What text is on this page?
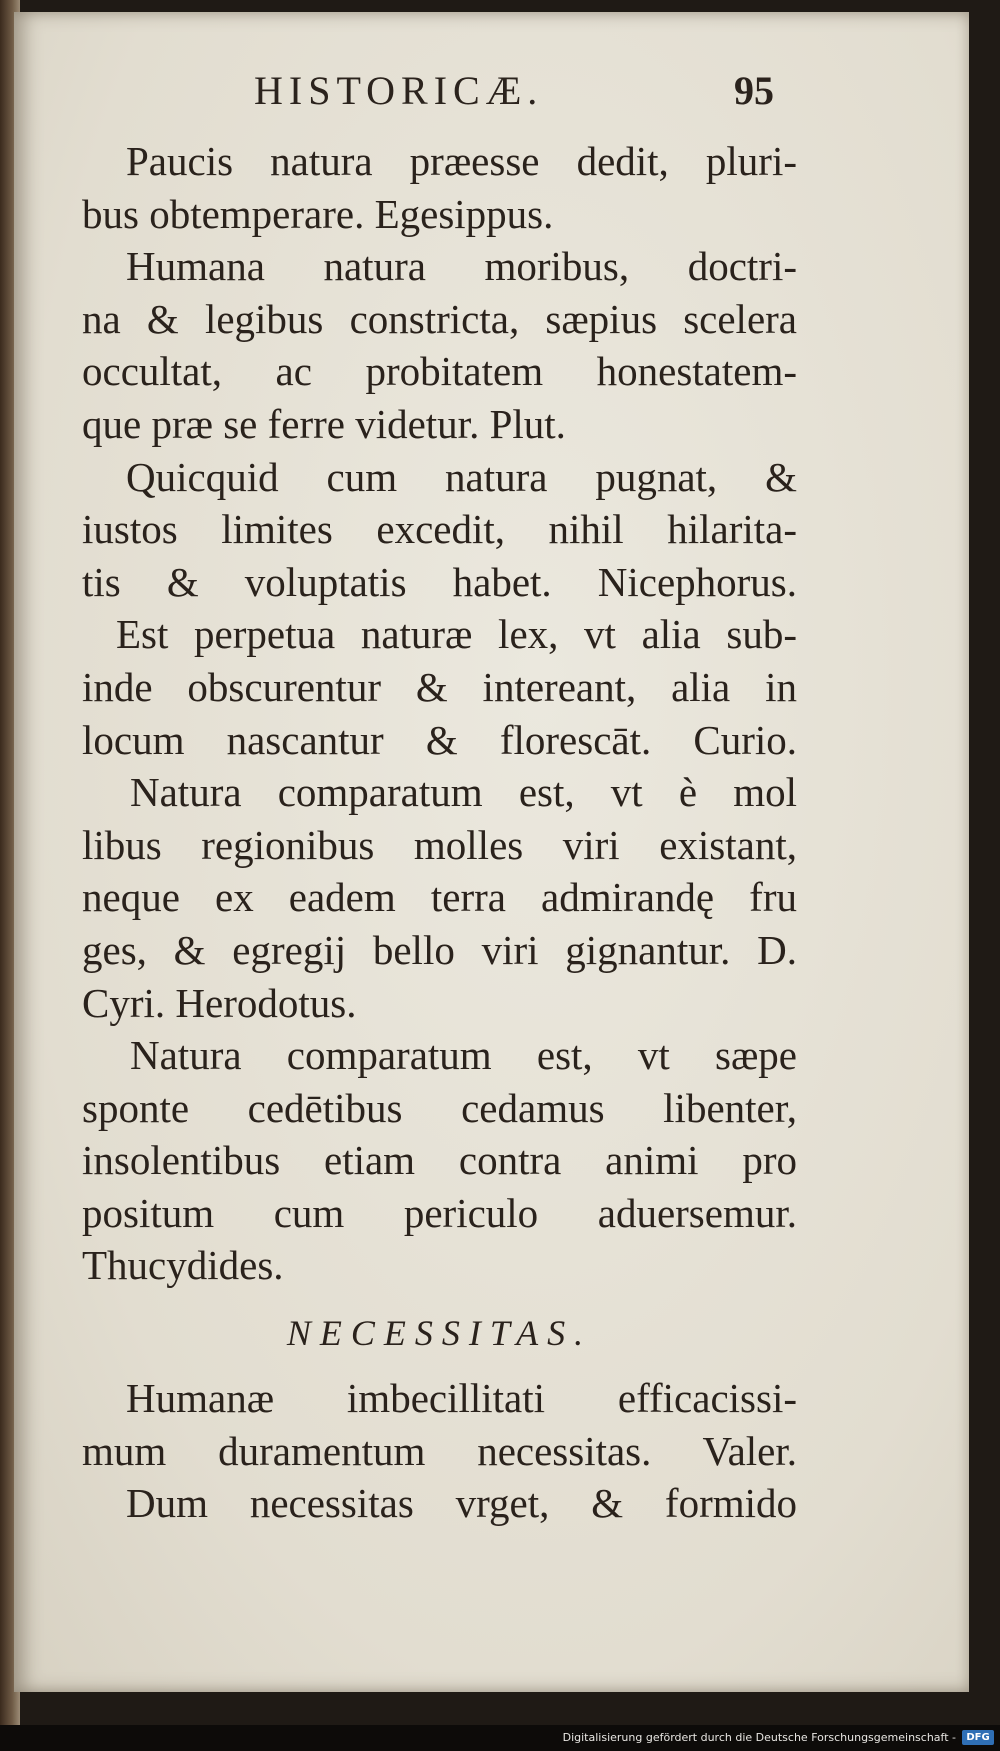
HISTORICÆ.	95

Paucis natura præesse dedit, pluri-
bus obtemperare. Egesippus.

Humana natura moribus, doctri-
na & legibus constricta, sæpius scelera
occultat, ac probitatem honestatem-
que præ se ferre videtur. Plut.

Quicquid cum natura pugnat, &
iustos limites excedit, nihil hilarita-
tis & voluptatis habet. Nicephorus.

Est perpetua naturæ lex, vt alia sub-
inde obscurentur & intereant, alia in
locum nascantur & florescāt. Curio.

Natura comparatum est, vt è mol
libus regionibus molles viri existant,
neque ex eadem terra admirandę fru
ges, & egregij bello viri gignantur. D.
Cyri. Herodotus.

Natura comparatum est, vt sæpe
sponte cedētibus cedamus libenter,
insolentibus etiam contra animi pro
positum cum periculo aduersemur.
Thucydides.

NECESSITAS.

Humanæ imbecillitati efficacissi-
mum duramentum necessitas. Valer.

Dum necessitas vrget, & formido

Digitalisierung gefördert durch die Deutsche Forschungsgemeinschaft -	DFG
